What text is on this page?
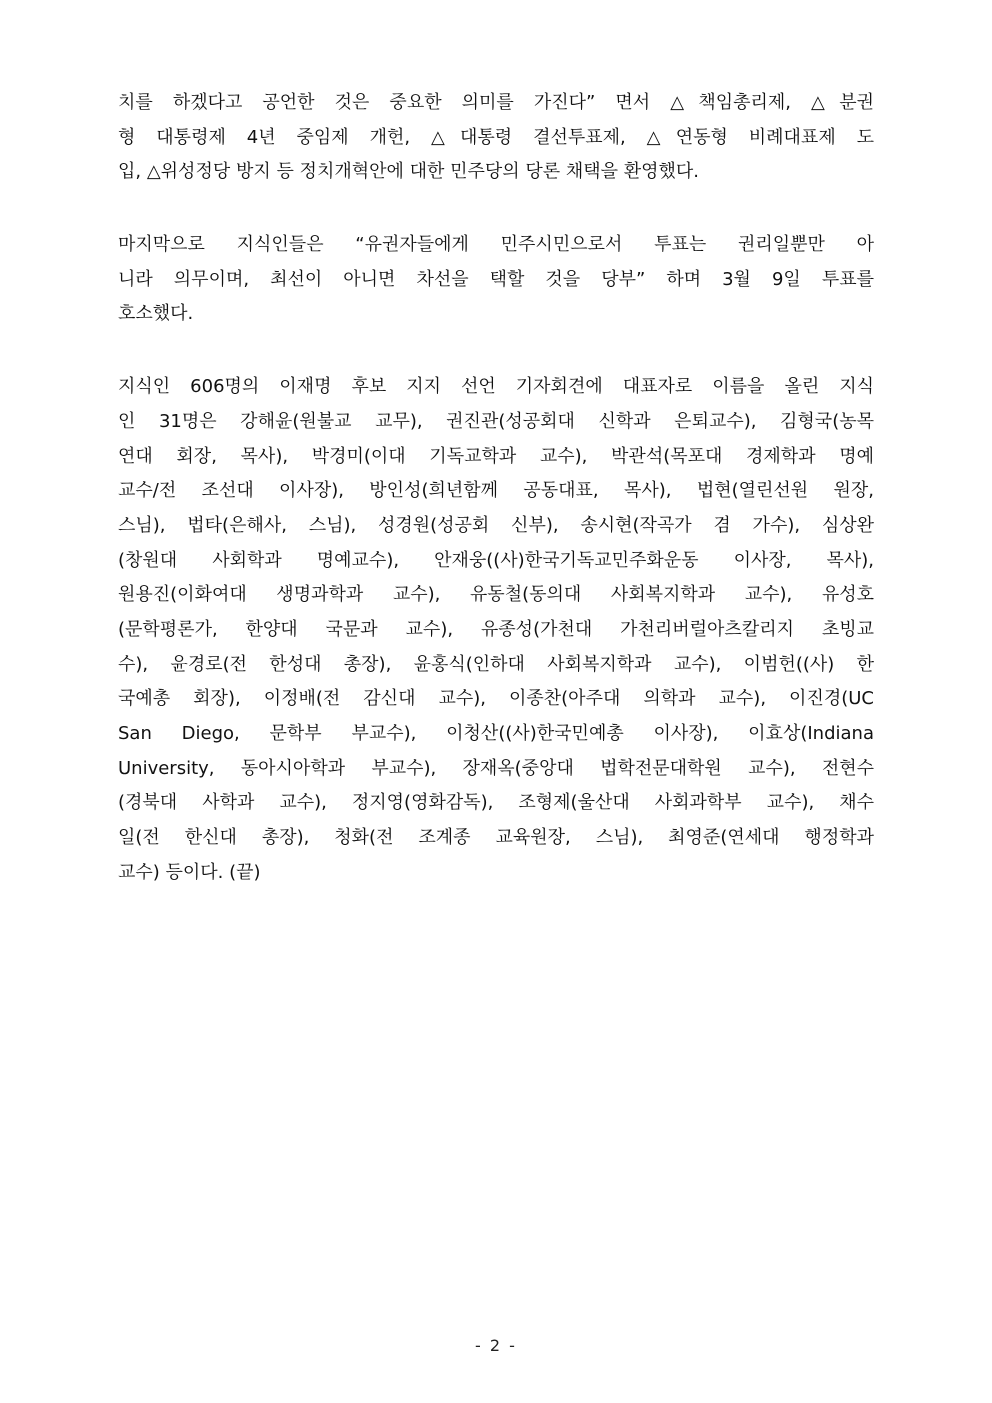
치를 하겠다고 공언한 것은 중요한 의미를 가진다” 면서 △책임총리제, △분권
형 대통령제 4년 중임제 개헌, △대통령 결선투표제, △연동형 비례대표제 도
입, △위성정당 방지 등 정치개혁안에 대한 민주당의 당론 채택을 환영했다.

마지막으로 지식인들은 “유권자들에게 민주시민으로서 투표는 권리일뿐만 아
니라 의무이며, 최선이 아니면 차선을 택할 것을 당부” 하며 3월 9일 투표를
호소했다.

지식인 606명의 이재명 후보 지지 선언 기자회견에 대표자로 이름을 올린 지식
인 31명은 강해윤(원불교 교무), 권진관(성공회대 신학과 은퇴교수), 김형국(농목
연대 회장, 목사), 박경미(이대 기독교학과 교수), 박관석(목포대 경제학과 명예
교수/전 조선대 이사장), 방인성(희년함께 공동대표, 목사), 법현(열린선원 원장,
스님), 법타(은해사, 스님), 성경원(성공회 신부), 송시현(작곡가 겸 가수), 심상완
(창원대 사회학과 명예교수), 안재웅((사)한국기독교민주화운동 이사장, 목사),
원용진(이화여대 생명과학과 교수), 유동철(동의대 사회복지학과 교수), 유성호
(문학평론가, 한양대 국문과 교수), 유종성(가천대 가천리버럴아츠칼리지 초빙교
수), 윤경로(전 한성대 총장), 윤홍식(인하대 사회복지학과 교수), 이범헌((사) 한
국예총 회장), 이정배(전 감신대 교수), 이종찬(아주대 의학과 교수), 이진경(UC
San Diego, 문학부 부교수), 이청산((사)한국민예총 이사장), 이효상(Indiana
University, 동아시아학과 부교수), 장재옥(중앙대 법학전문대학원 교수), 전현수
(경북대 사학과 교수), 정지영(영화감독), 조형제(울산대 사회과학부 교수), 채수
일(전 한신대 총장), 청화(전 조계종 교육원장, 스님), 최영준(연세대 행정학과
교수) 등이다. (끝)

- 2 -
